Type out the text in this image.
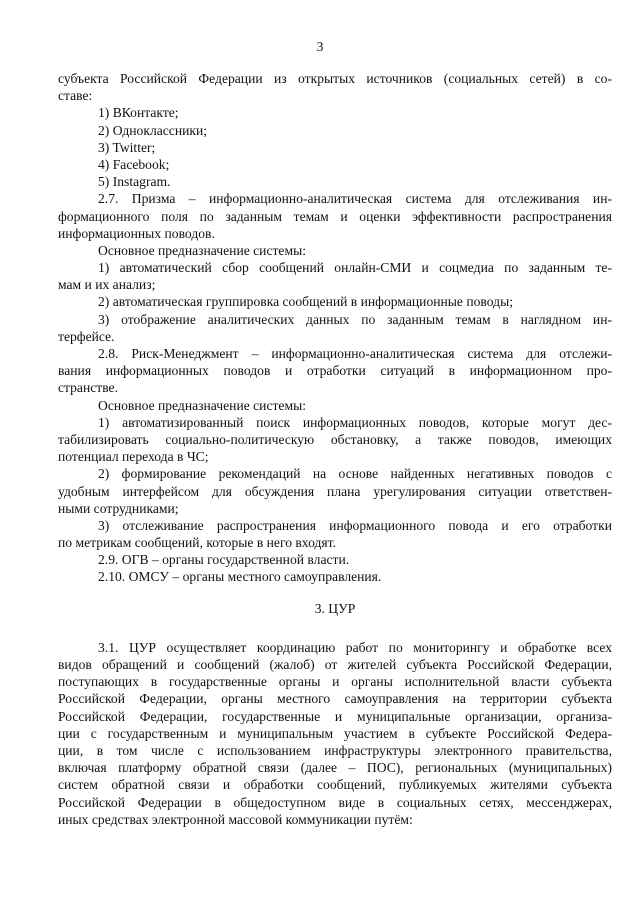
3
субъекта Российской Федерации из открытых источников (социальных сетей) в со-
ставе:
1) ВКонтакте;
2) Одноклассники;
3) Twitter;
4) Facebook;
5) Instagram.
2.7. Призма – информационно-аналитическая система для отслеживания ин-
формационного поля по заданным темам и оценки эффективности распространения
информационных поводов.
Основное предназначение системы:
1) автоматический сбор сообщений онлайн-СМИ и соцмедиа по заданным те-
мам и их анализ;
2) автоматическая группировка сообщений в информационные поводы;
3) отображение аналитических данных по заданным темам в наглядном ин-
терфейсе.
2.8. Риск-Менеджмент – информационно-аналитическая система для отслежи-
вания информационных поводов и отработки ситуаций в информационном про-
странстве.
Основное предназначение системы:
1) автоматизированный поиск информационных поводов, которые могут дес-
табилизировать социально-политическую обстановку, а также поводов, имеющих
потенциал перехода в ЧС;
2) формирование рекомендаций на основе найденных негативных поводов с
удобным интерфейсом для обсуждения плана урегулирования ситуации ответствен-
ными сотрудниками;
3) отслеживание распространения информационного повода и его отработки
по метрикам сообщений, которые в него входят.
2.9. ОГВ – органы государственной власти.
2.10. ОМСУ – органы местного самоуправления.
3. ЦУР
3.1. ЦУР осуществляет координацию работ по мониторингу и обработке всех
видов обращений и сообщений (жалоб) от жителей субъекта Российской Федерации,
поступающих в государственные органы и органы исполнительной власти субъекта
Российской Федерации, органы местного самоуправления на территории субъекта
Российской Федерации, государственные и муниципальные организации, организа-
ции с государственным и муниципальным участием в субъекте Российской Федера-
ции, в том числе с использованием инфраструктуры электронного правительства,
включая платформу обратной связи (далее – ПОС), региональных (муниципальных)
систем обратной связи и обработки сообщений, публикуемых жителями субъекта
Российской Федерации в общедоступном виде в социальных сетях, мессенджерах,
иных средствах электронной массовой коммуникации путём:
